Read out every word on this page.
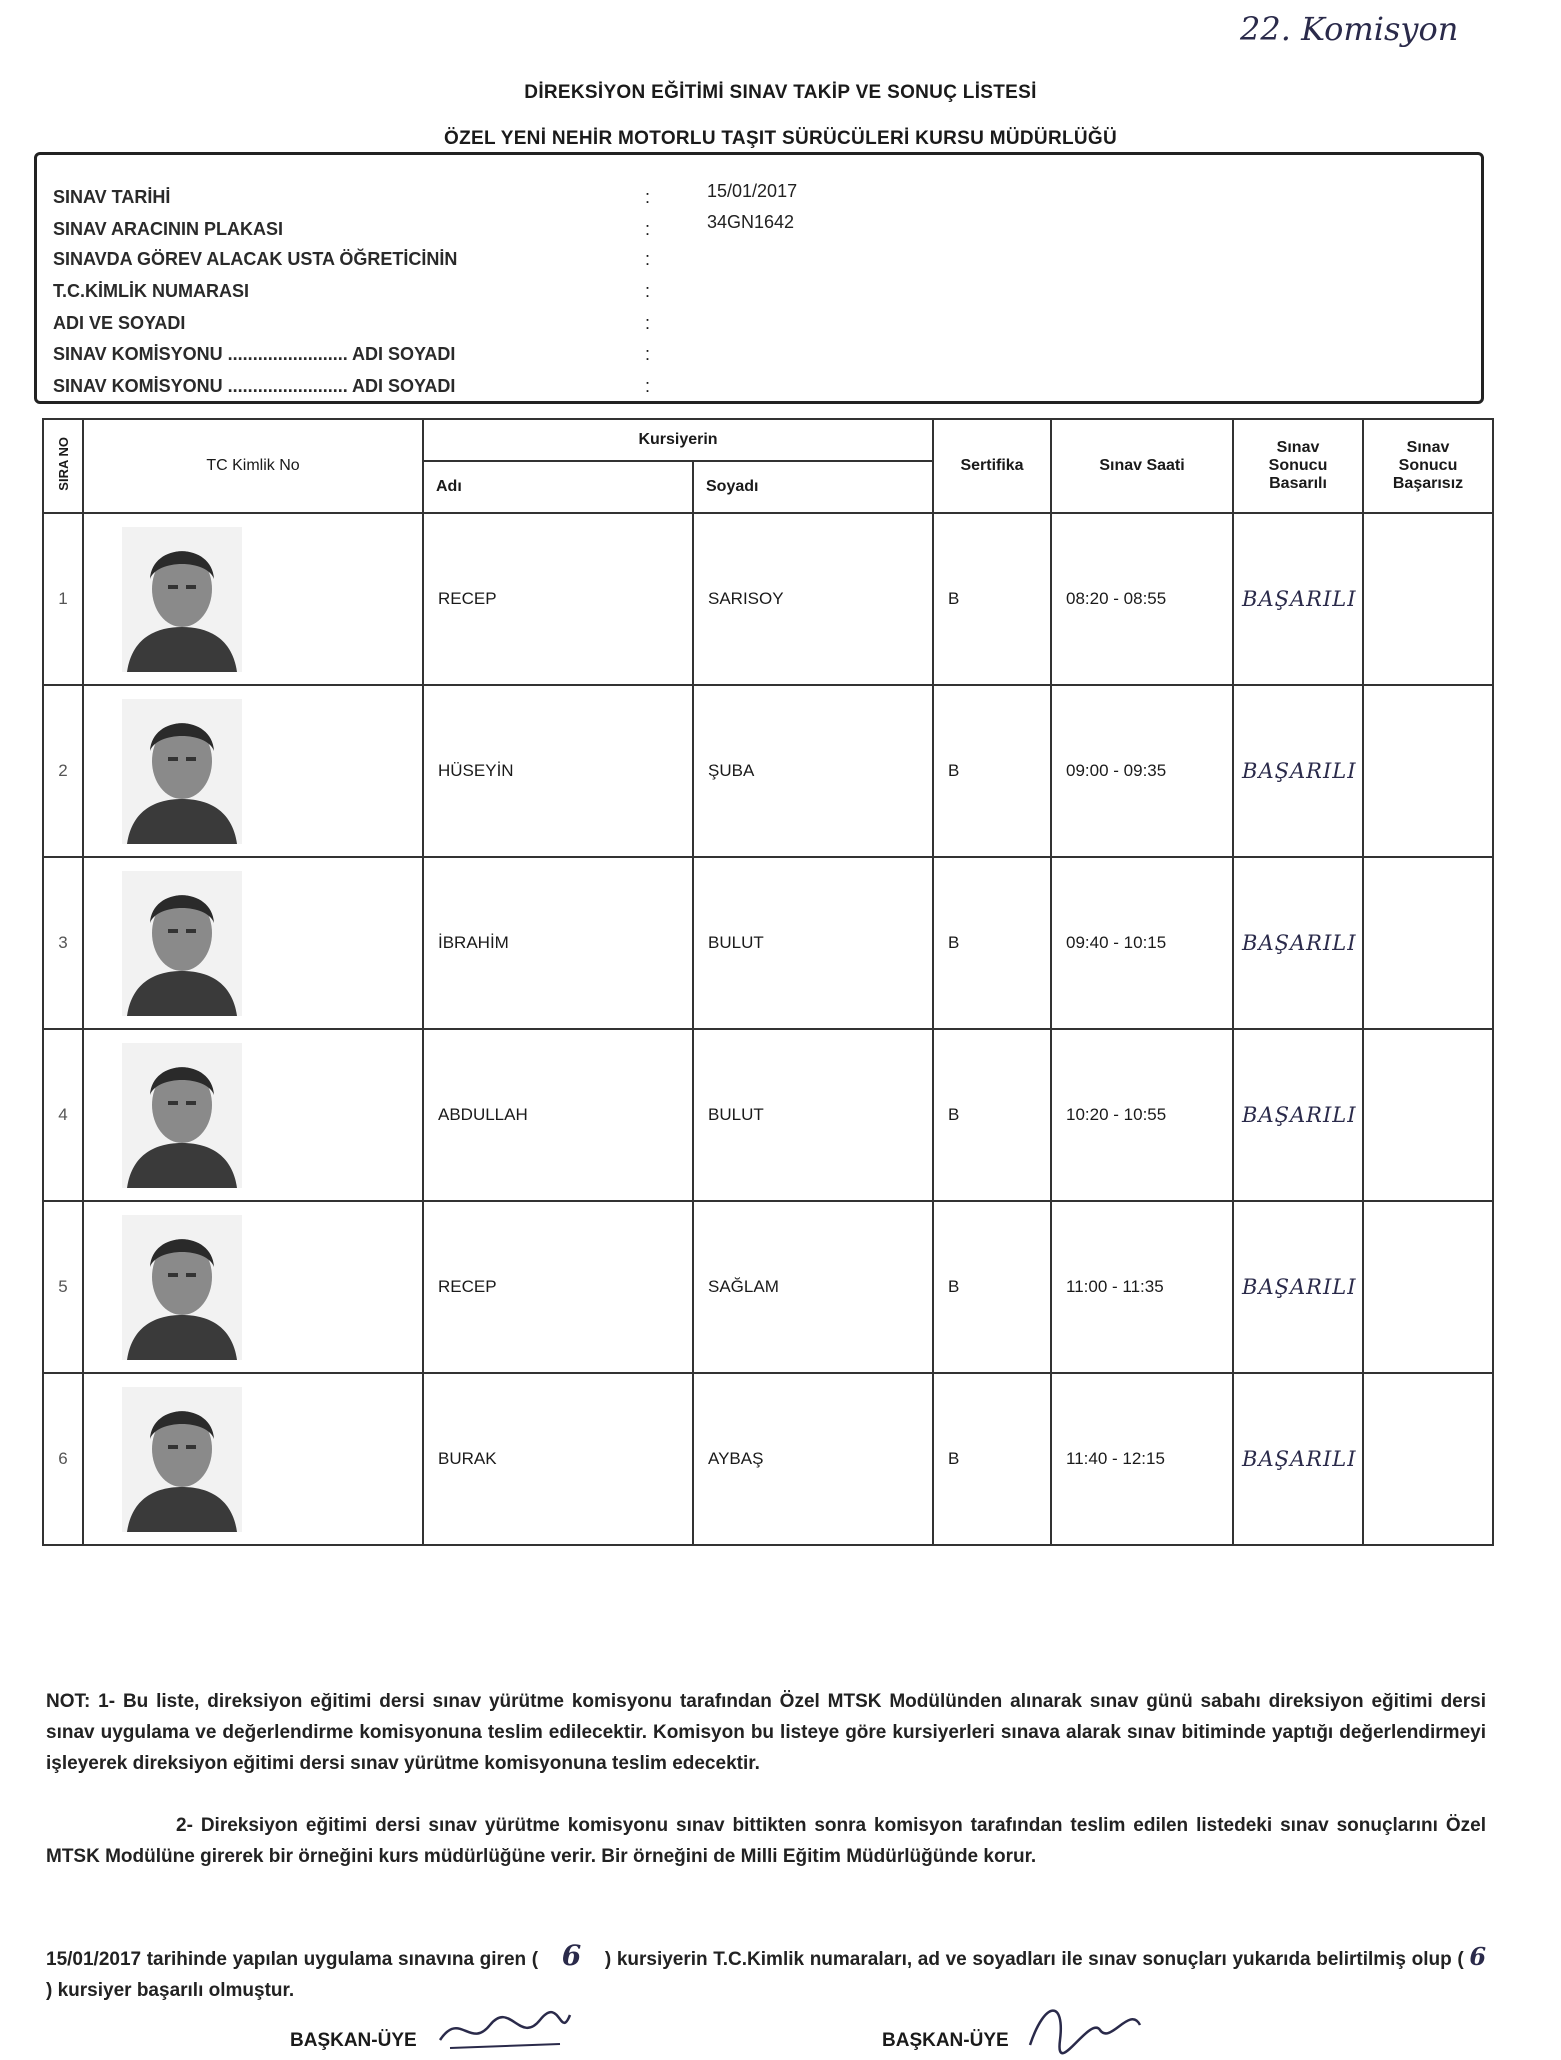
22. Komisyon
DİREKSİYON EĞİTİMİ SINAV TAKİP VE SONUÇ LİSTESİ
ÖZEL YENİ NEHİR MOTORLU TAŞIT SÜRÜCÜLERİ KURSU MÜDÜRLÜĞÜ
SINAV TARİHİ	:	15/01/2017
SINAV ARACININ PLAKASI	:	34GN1642
SINAVDA GÖREV ALACAK USTA ÖĞRETİCİNİN	:
T.C.KİMLİK NUMARASI	:
ADI VE SOYADI	:
SINAV KOMİSYONU ........................ ADI SOYADI	:
SINAV KOMİSYONU ........................ ADI SOYADI	:
SIRA NO	TC Kimlik No	Kursiyerin		Sertifika	Sınav Saati	Sınav Sonucu Basarılı	Sınav Sonucu Başarısız
		Adı	Soyadı				
1		RECEP	SARISOY	B	08:20 - 08:55	BAŞARILI	
2		HÜSEYİN	ŞUBA	B	09:00 - 09:35	BAŞARILI	
3		İBRAHİM	BULUT	B	09:40 - 10:15	BAŞARILI	
4		ABDULLAH	BULUT	B	10:20 - 10:55	BAŞARILI	
5		RECEP	SAĞLAM	B	11:00 - 11:35	BAŞARILI	
6		BURAK	AYBAŞ	B	11:40 - 12:15	BAŞARILI	
NOT: 1- Bu liste, direksiyon eğitimi dersi sınav yürütme komisyonu tarafından Özel MTSK Modülünden alınarak sınav günü sabahı direksiyon eğitimi dersi sınav uygulama ve değerlendirme komisyonuna teslim edilecektir. Komisyon bu listeye göre kursiyerleri sınava alarak sınav bitiminde yaptığı değerlendirmeyi işleyerek direksiyon eğitimi dersi sınav yürütme komisyonuna teslim edecektir.
2- Direksiyon eğitimi dersi sınav yürütme komisyonu sınav bittikten sonra komisyon tarafından teslim edilen listedeki sınav sonuçlarını Özel MTSK Modülüne girerek bir örneğini kurs müdürlüğüne verir. Bir örneğini de Milli Eğitim Müdürlüğünde korur.
15/01/2017 tarihinde yapılan uygulama sınavına giren ( 6 ) kursiyerin T.C.Kimlik numaraları, ad ve soyadları ile sınav sonuçları yukarıda belirtilmiş olup ( 6 ) kursiyer başarılı olmuştur.
BAŞKAN-ÜYE	BAŞKAN-ÜYE
